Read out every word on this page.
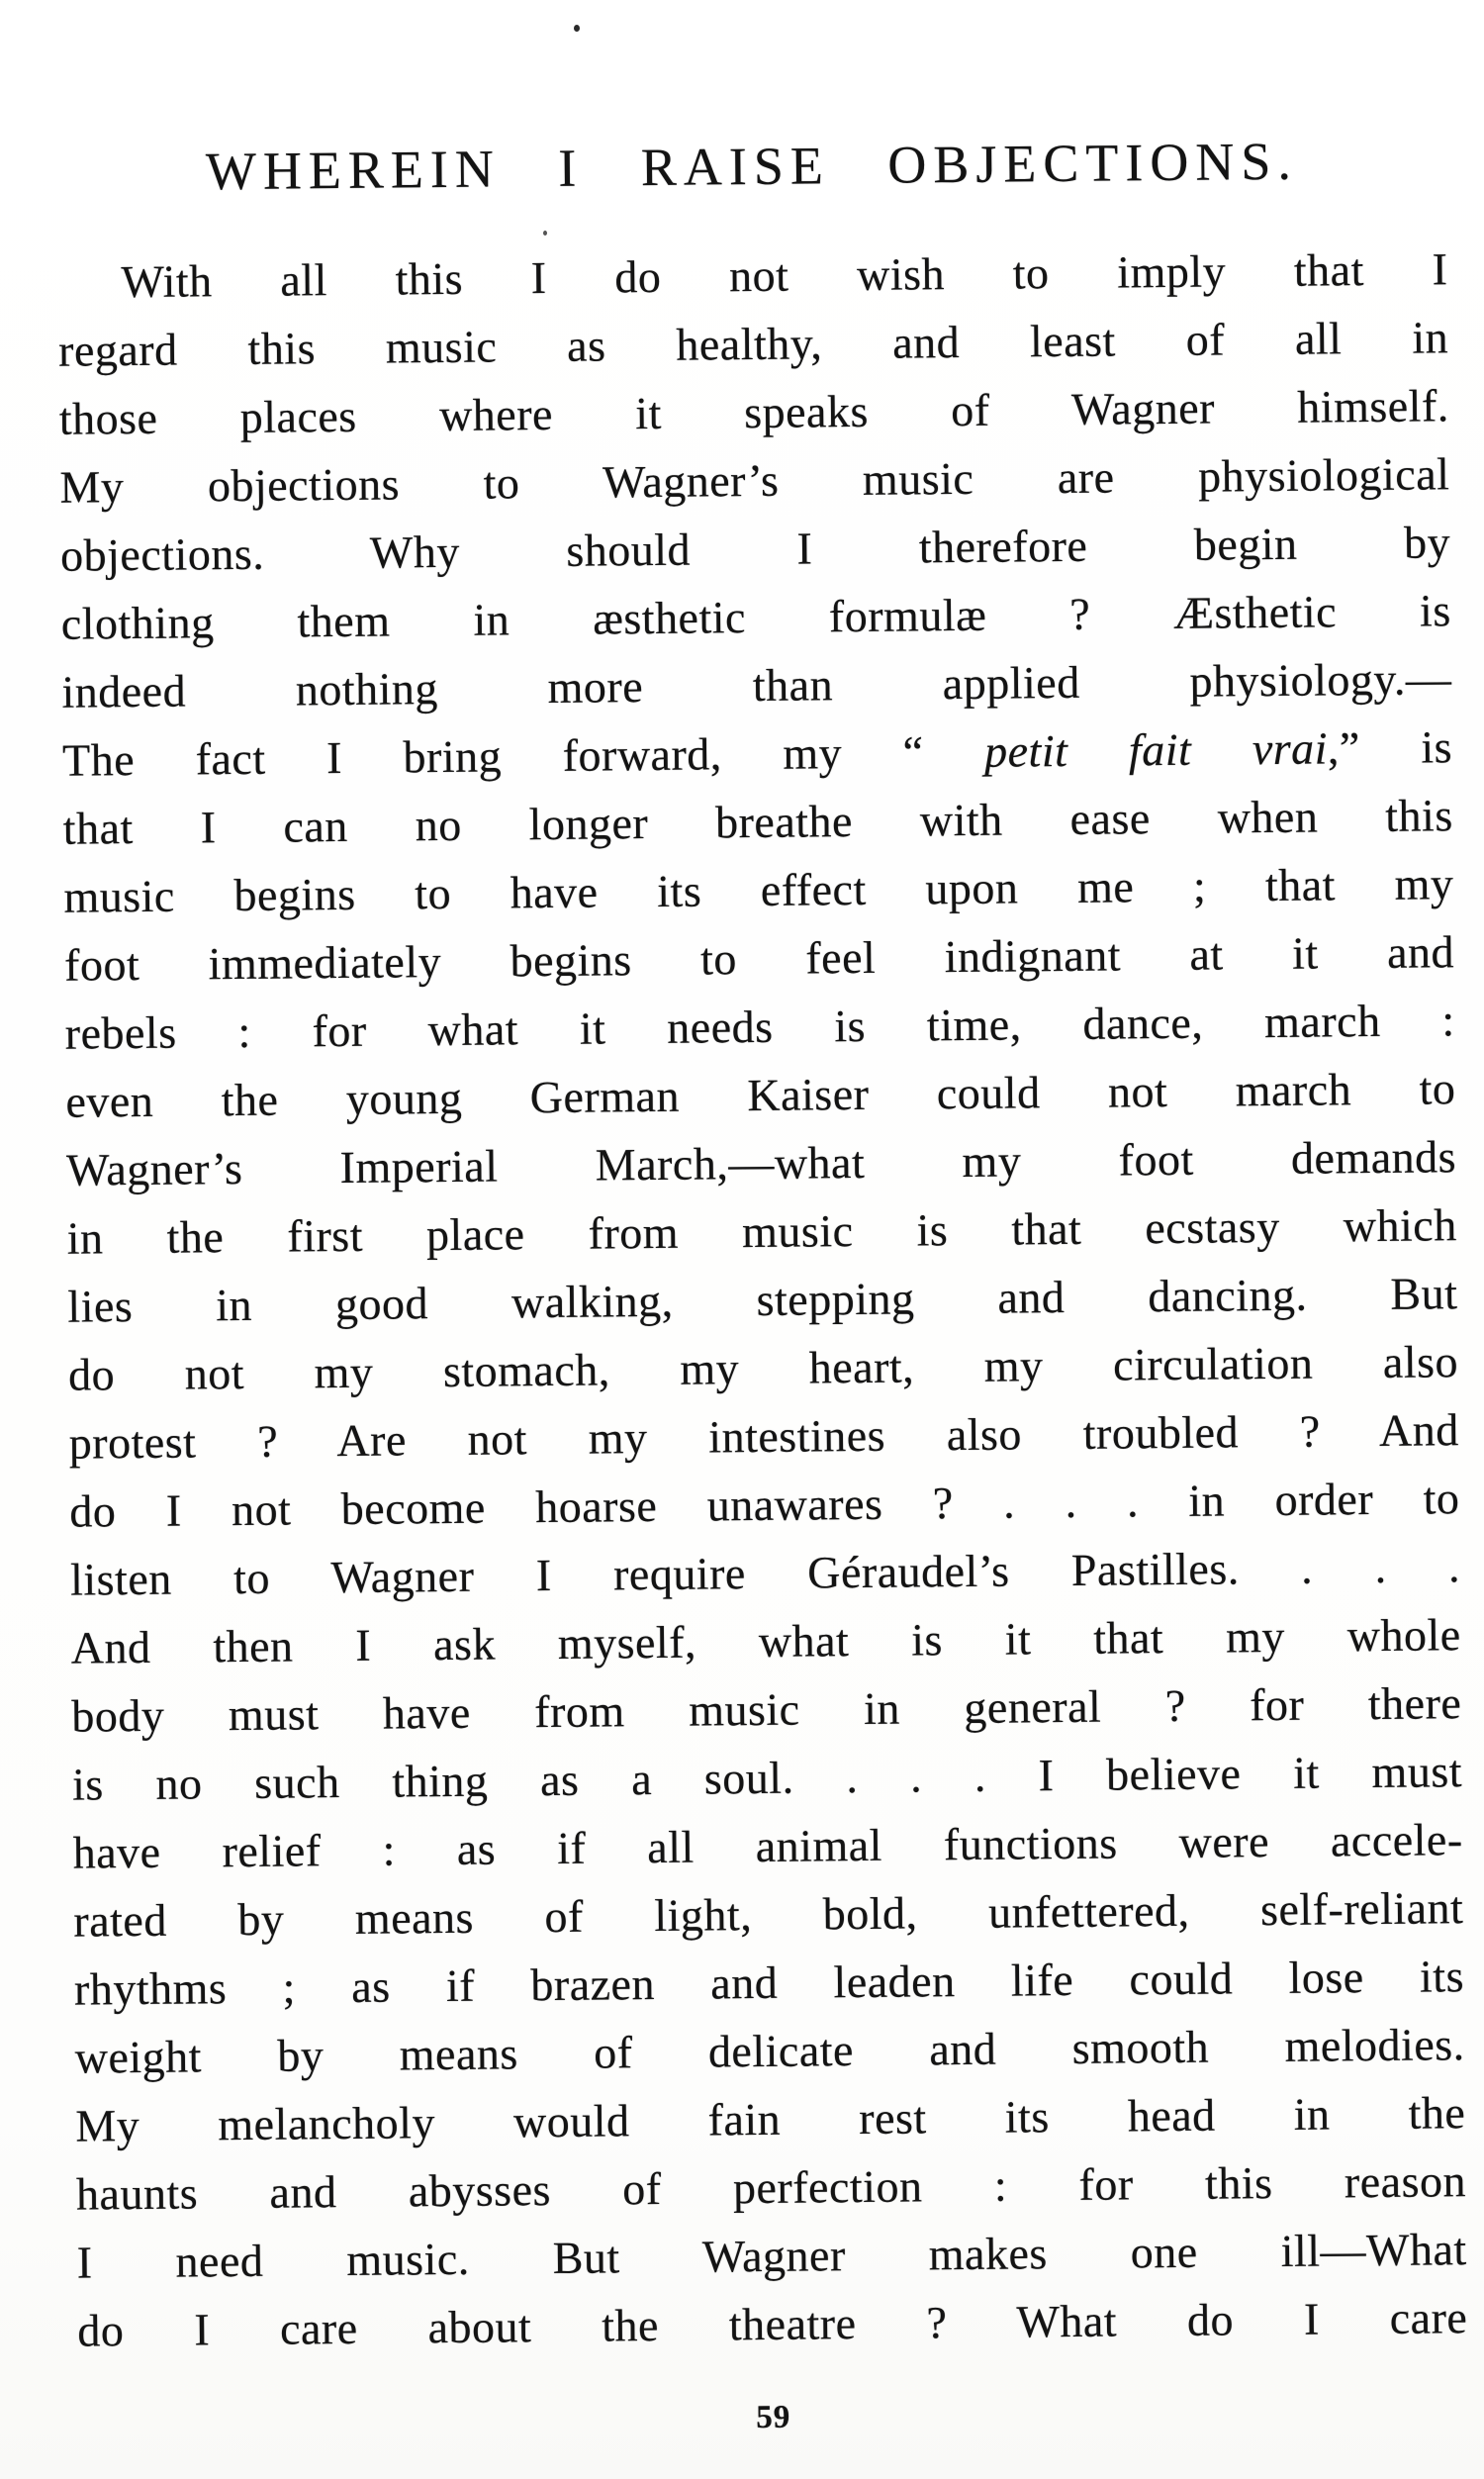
WHEREIN I RAISE OBJECTIONS.
With all this I do not wish to imply that I
regard this music as healthy, and least of all in
those places where it speaks of Wagner himself.
My objections to Wagner’s music are physiological
objections. Why should I therefore begin by
clothing them in æsthetic formulæ ? Æsthetic is
indeed nothing more than applied physiology.—
The fact I bring forward, my “ petit fait vrai,” is
that I can no longer breathe with ease when this
music begins to have its effect upon me ; that my
foot immediately begins to feel indignant at it and
rebels : for what it needs is time, dance, march :
even the young German Kaiser could not march to
Wagner’s Imperial March,—what my foot demands
in the first place from music is that ecstasy which
lies in good walking, stepping and dancing. But
do not my stomach, my heart, my circulation also
protest ? Are not my intestines also troubled ? And
do I not become hoarse unawares ? . . . in order to
listen to Wagner I require Géraudel’s Pastilles. . . .
And then I ask myself, what is it that my whole
body must have from music in general ? for there
is no such thing as a soul. . . . I believe it must
have relief : as if all animal functions were accele-
rated by means of light, bold, unfettered, self-reliant
rhythms ; as if brazen and leaden life could lose its
weight by means of delicate and smooth melodies.
My melancholy would fain rest its head in the
haunts and abysses of perfection : for this reason
I need music. But Wagner makes one ill—What
do I care about the theatre ? What do I care
59
